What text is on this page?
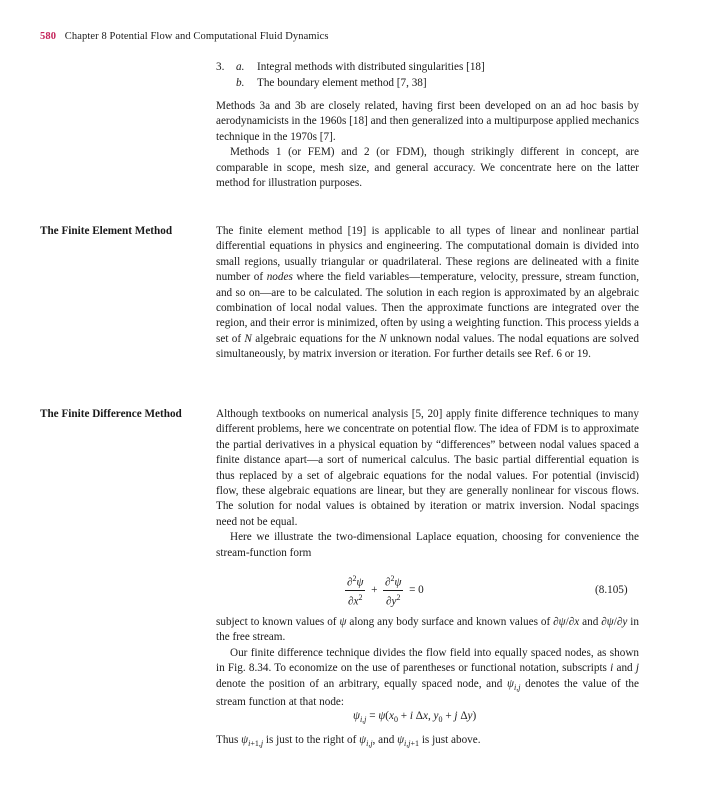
580 Chapter 8 Potential Flow and Computational Fluid Dynamics
3. a. Integral methods with distributed singularities [18]
b. The boundary element method [7, 38]

Methods 3a and 3b are closely related, having first been developed on an ad hoc basis by aerodynamicists in the 1960s [18] and then generalized into a multipurpose applied mechanics technique in the 1970s [7].

Methods 1 (or FEM) and 2 (or FDM), though strikingly different in concept, are comparable in scope, mesh size, and general accuracy. We concentrate here on the latter method for illustration purposes.

The Finite Element Method	The finite element method [19] is applicable to all types of linear and nonlinear partial differential equations in physics and engineering. The computational domain is divided into small regions, usually triangular or quadrilateral. These regions are delineated with a finite number of nodes where the field variables—temperature, velocity, pressure, stream function, and so on—are to be calculated. The solution in each region is approximated by an algebraic combination of local nodal values. Then the approximate functions are integrated over the region, and their error is minimized, often by using a weighting function. This process yields a set of N algebraic equations for the N unknown nodal values. The nodal equations are solved simultaneously, by matrix inversion or iteration. For further details see Ref. 6 or 19.

The Finite Difference Method	Although textbooks on numerical analysis [5, 20] apply finite difference techniques to many different problems, here we concentrate on potential flow. The idea of FDM is to approximate the partial derivatives in a physical equation by “differences” between nodal values spaced a finite distance apart—a sort of numerical calculus. The basic partial differential equation is thus replaced by a set of algebraic equations for the nodal values. For potential (inviscid) flow, these algebraic equations are linear, but they are generally nonlinear for viscous flows. The solution for nodal values is obtained by iteration or matrix inversion. Nodal spacings need not be equal.

Here we illustrate the two-dimensional Laplace equation, choosing for convenience the stream-function form

$\frac{\partial^2\psi}{\partial x^2} + \frac{\partial^2\psi}{\partial y^2} = 0$	(8.105)

subject to known values of ψ along any body surface and known values of ∂ψ/∂x and ∂ψ/∂y in the free stream.

Our finite difference technique divides the flow field into equally spaced nodes, as shown in Fig. 8.34. To economize on the use of parentheses or functional notation, subscripts i and j denote the position of an arbitrary, equally spaced node, and $\psi_{i,j}$ denotes the value of the stream function at that node:

$\psi_{i,j} = \psi(x_0 + i$ Δx, $y_0 + j$ Δy)

Thus $\psi_{i+1,j}$ is just to the right of $\psi_{i,j}$, and $\psi_{i,j+1}$ is just above.
